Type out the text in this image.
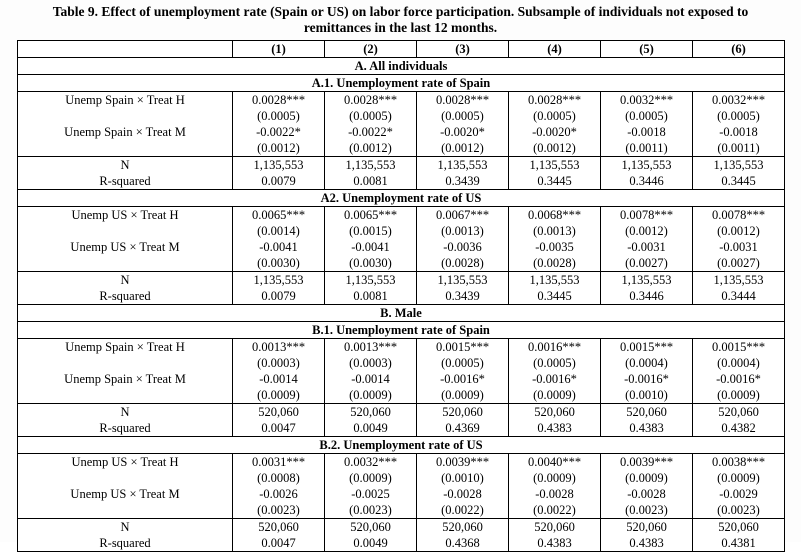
Table 9. Effect of unemployment rate (Spain or US) on labor force participation. Subsample of individuals not exposed to
remittances in the last 12 months.
	(1)	(2)	(3)	(4)	(5)	(6)
A. All individuals						
A.1. Unemployment rate of Spain						
Unemp Spain × Treat H	0.0028***	0.0028***	0.0028***	0.0028***	0.0032***	0.0032***
	(0.0005)	(0.0005)	(0.0005)	(0.0005)	(0.0005)	(0.0005)
Unemp Spain × Treat M	-0.0022*	-0.0022*	-0.0020*	-0.0020*	-0.0018	-0.0018
	(0.0012)	(0.0012)	(0.0012)	(0.0012)	(0.0011)	(0.0011)
N	1,135,553	1,135,553	1,135,553	1,135,553	1,135,553	1,135,553
R-squared	0.0079	0.0081	0.3439	0.3445	0.3446	0.3445
A2. Unemployment rate of US						
Unemp US × Treat H	0.0065***	0.0065***	0.0067***	0.0068***	0.0078***	0.0078***
	(0.0014)	(0.0015)	(0.0013)	(0.0013)	(0.0012)	(0.0012)
Unemp US × Treat M	-0.0041	-0.0041	-0.0036	-0.0035	-0.0031	-0.0031
	(0.0030)	(0.0030)	(0.0028)	(0.0028)	(0.0027)	(0.0027)
N	1,135,553	1,135,553	1,135,553	1,135,553	1,135,553	1,135,553
R-squared	0.0079	0.0081	0.3439	0.3445	0.3446	0.3444
B. Male						
B.1. Unemployment rate of Spain						
Unemp Spain × Treat H	0.0013***	0.0013***	0.0015***	0.0016***	0.0015***	0.0015***
	(0.0003)	(0.0003)	(0.0005)	(0.0005)	(0.0004)	(0.0004)
Unemp Spain × Treat M	-0.0014	-0.0014	-0.0016*	-0.0016*	-0.0016*	-0.0016*
	(0.0009)	(0.0009)	(0.0009)	(0.0009)	(0.0010)	(0.0009)
N	520,060	520,060	520,060	520,060	520,060	520,060
R-squared	0.0047	0.0049	0.4369	0.4383	0.4383	0.4382
B.2. Unemployment rate of US						
Unemp US × Treat H	0.0031***	0.0032***	0.0039***	0.0040***	0.0039***	0.0038***
	(0.0008)	(0.0009)	(0.0010)	(0.0009)	(0.0009)	(0.0009)
Unemp US × Treat M	-0.0026	-0.0025	-0.0028	-0.0028	-0.0028	-0.0029
	(0.0023)	(0.0023)	(0.0022)	(0.0022)	(0.0023)	(0.0023)
N	520,060	520,060	520,060	520,060	520,060	520,060
R-squared	0.0047	0.0049	0.4368	0.4383	0.4383	0.4381
